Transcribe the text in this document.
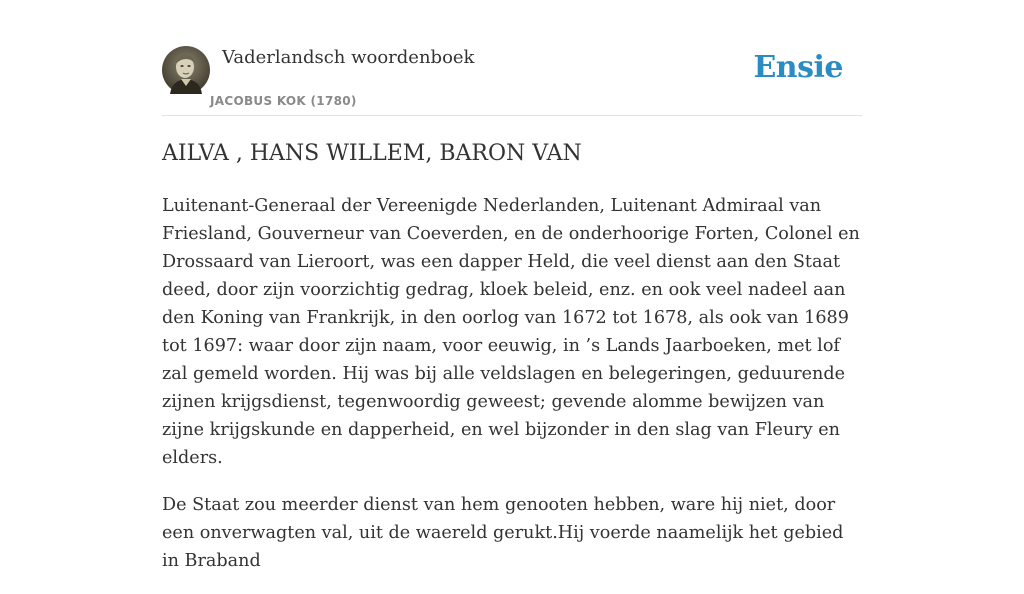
Vaderlandsch woordenboek
JACOBUS KOK (1780)
Ensie
AILVA , HANS WILLEM, BARON VAN

Luitenant-Generaal der Vereenigde Nederlanden, Luitenant Admiraal van Friesland, Gouverneur van Coeverden, en de onderhoorige Forten, Colonel en Drossaard van Lieroort, was een dapper Held, die veel dienst aan den Staat deed, door zijn voorzichtig gedrag, kloek beleid, enz. en ook veel nadeel aan den Koning van Frankrijk, in den oorlog van 1672 tot 1678, als ook van 1689 tot 1697: waar door zijn naam, voor eeuwig, in ’s Lands Jaarboeken, met lof zal gemeld worden. Hij was bij alle veldslagen en belegeringen, geduurende zijnen krijgsdienst, tegenwoordig geweest; gevende alomme bewijzen van zijne krijgskunde en dapperheid, en wel bijzonder in den slag van Fleury en elders.

De Staat zou meerder dienst van hem genooten hebben, ware hij niet, door een onverwagten val, uit de waereld gerukt.Hij voerde naamelijk het gebied in Braband
